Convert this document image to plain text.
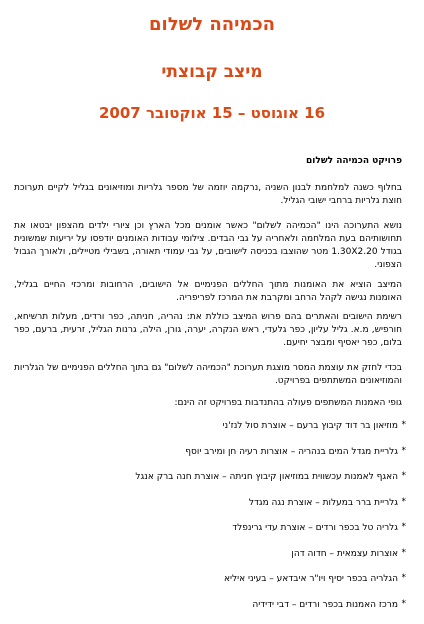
הכמיהה לשלום
מיצב קבוצתי
16 אוגוסט – 15 אוקטובר 2007

פרויקט הכמיהה לשלום

בחלוף כשנה למלחמת לבנון השניה ,נרקמה יוזמה של מספר גלריות ומוזיאונים בגליל לקיים תערוכת חוצת גלריות ברחבי ישובי הגליל.

נושא התערוכה הינו "הכמיהה לשלום" כאשר אומנים מכל הארץ וכן ציורי ילדים מהצפון יבטאו את תחושותיהם בעת המלחמה ולאחריה על גבי הבדים. צילומי עבודות האומנים יודפסו על יריעות שמשונית בגודל 1.30X2.20 מטר שהוצבו בכניסה לישובים, על גבי עמודי תאורה, בשבילי מטיילים, ולאורך הגבול הצפוני.

המיצב הוציא את האומנות מתוך החללים הפנימיים אל הישובים, הרחובות ומרכזי החיים בגליל, האומנות נגישה לקהל הרחב ומקרבת את המרכז לפריפריה.

רשימת הישובים והאתרים בהם פרוש המיצב כוללת את: נהריה, חניתה, כפר ורדים, מעלות תרשיחא, חורפיש, מ.א. גליל עליון, כפר גלעדי, ראש הנקרה, יערה, גורן, הילה, גרנות הגליל, זרעית, ברעם, כפר בלום, כפר יאסיף ומבצר יחיעם.

בכדי לחזק את עוצמת המסר מוצגת תערוכת "הכמיהה לשלום" גם בתוך החללים הפנימיים של הגלריות והמוזיאונים המשתתפים בפרויקט.

גופי האמנות המשתפים פעולה בהתנדבות בפרויקט זה הינם:

*
מוזיאון בר דוד קיבוץ ברעם – אוצרת סול לנז'ני
*
גלריית מגדל המים בנהריה – אוצרות רעיה חן ומירב יוסף
*
האגף לאמנות עכשווית במוזיאון קיבוץ חניתה – אוצרת חנה ברק אנגל
*
גלריית ברר במעלות – אוצרת נגה מגדל
*
גלריה טל בכפר ורדים – אוצרת עדי גרינפלד
*
אוצרות עצמאית – חדוה דהן
*
הגלריה בכפר יסיף ויו"ר איבדאע – בעיני איליא
*
מרכז האמנות בכפר ורדים – דבי ידידיה
